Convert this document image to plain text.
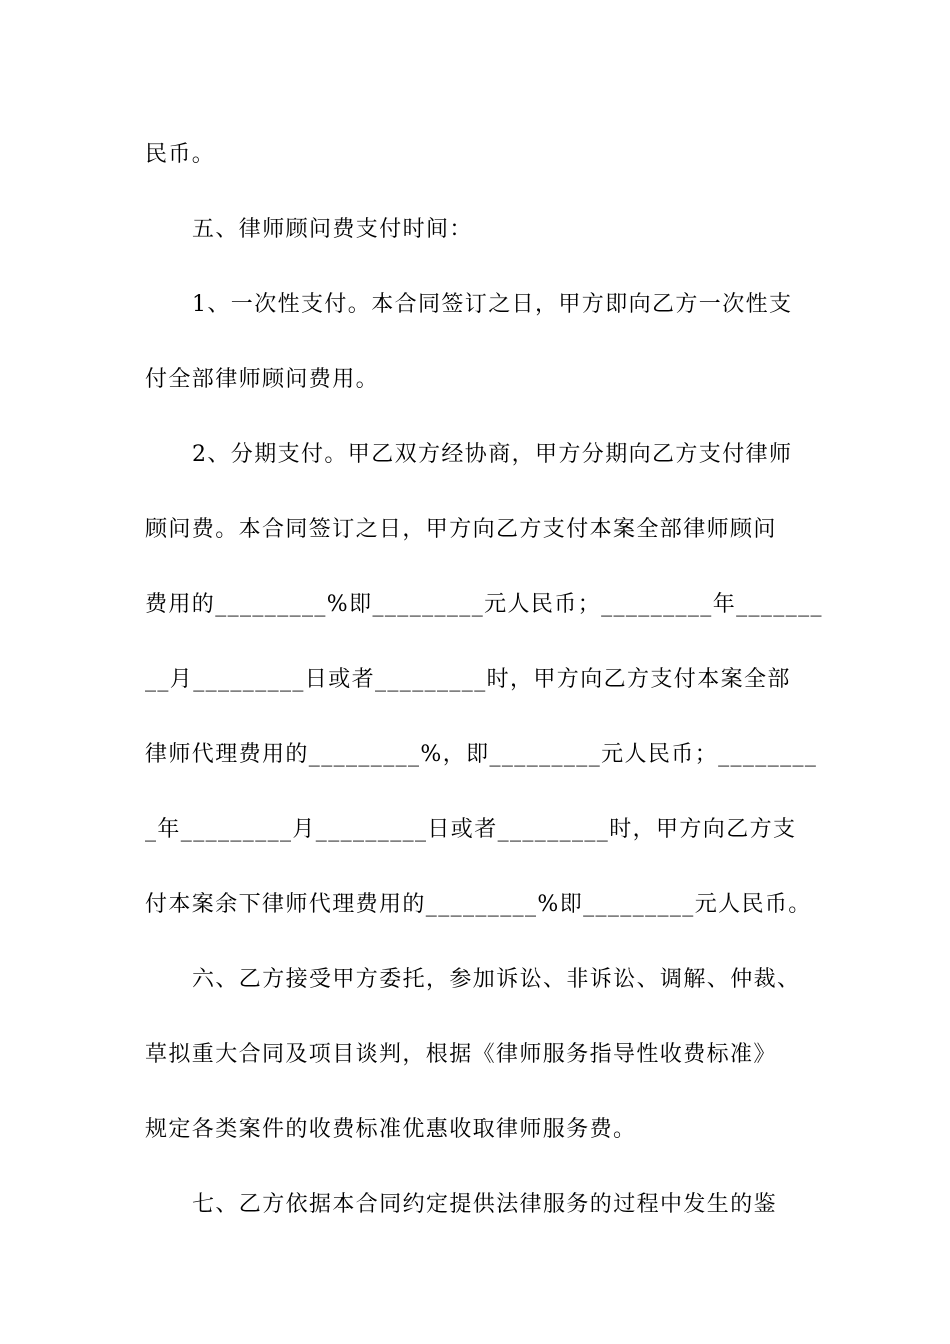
民币。
五、律师顾问费支付时间：
1、一次性支付。本合同签订之日，甲方即向乙方一次性支
付全部律师顾问费用。
2、分期支付。甲乙双方经协商，甲方分期向乙方支付律师
顾问费。本合同签订之日，甲方向乙方支付本案全部律师顾问
费用的_________%即_________元人民币；_________年_______
__月_________日或者_________时，甲方向乙方支付本案全部
律师代理费用的_________%，即_________元人民币；________
_年_________月_________日或者_________时，甲方向乙方支
付本案余下律师代理费用的_________%即_________元人民币。
六、乙方接受甲方委托，参加诉讼、非诉讼、调解、仲裁、
草拟重大合同及项目谈判，根据《律师服务指导性收费标准》
规定各类案件的收费标准优惠收取律师服务费。
七、乙方依据本合同约定提供法律服务的过程中发生的鉴
